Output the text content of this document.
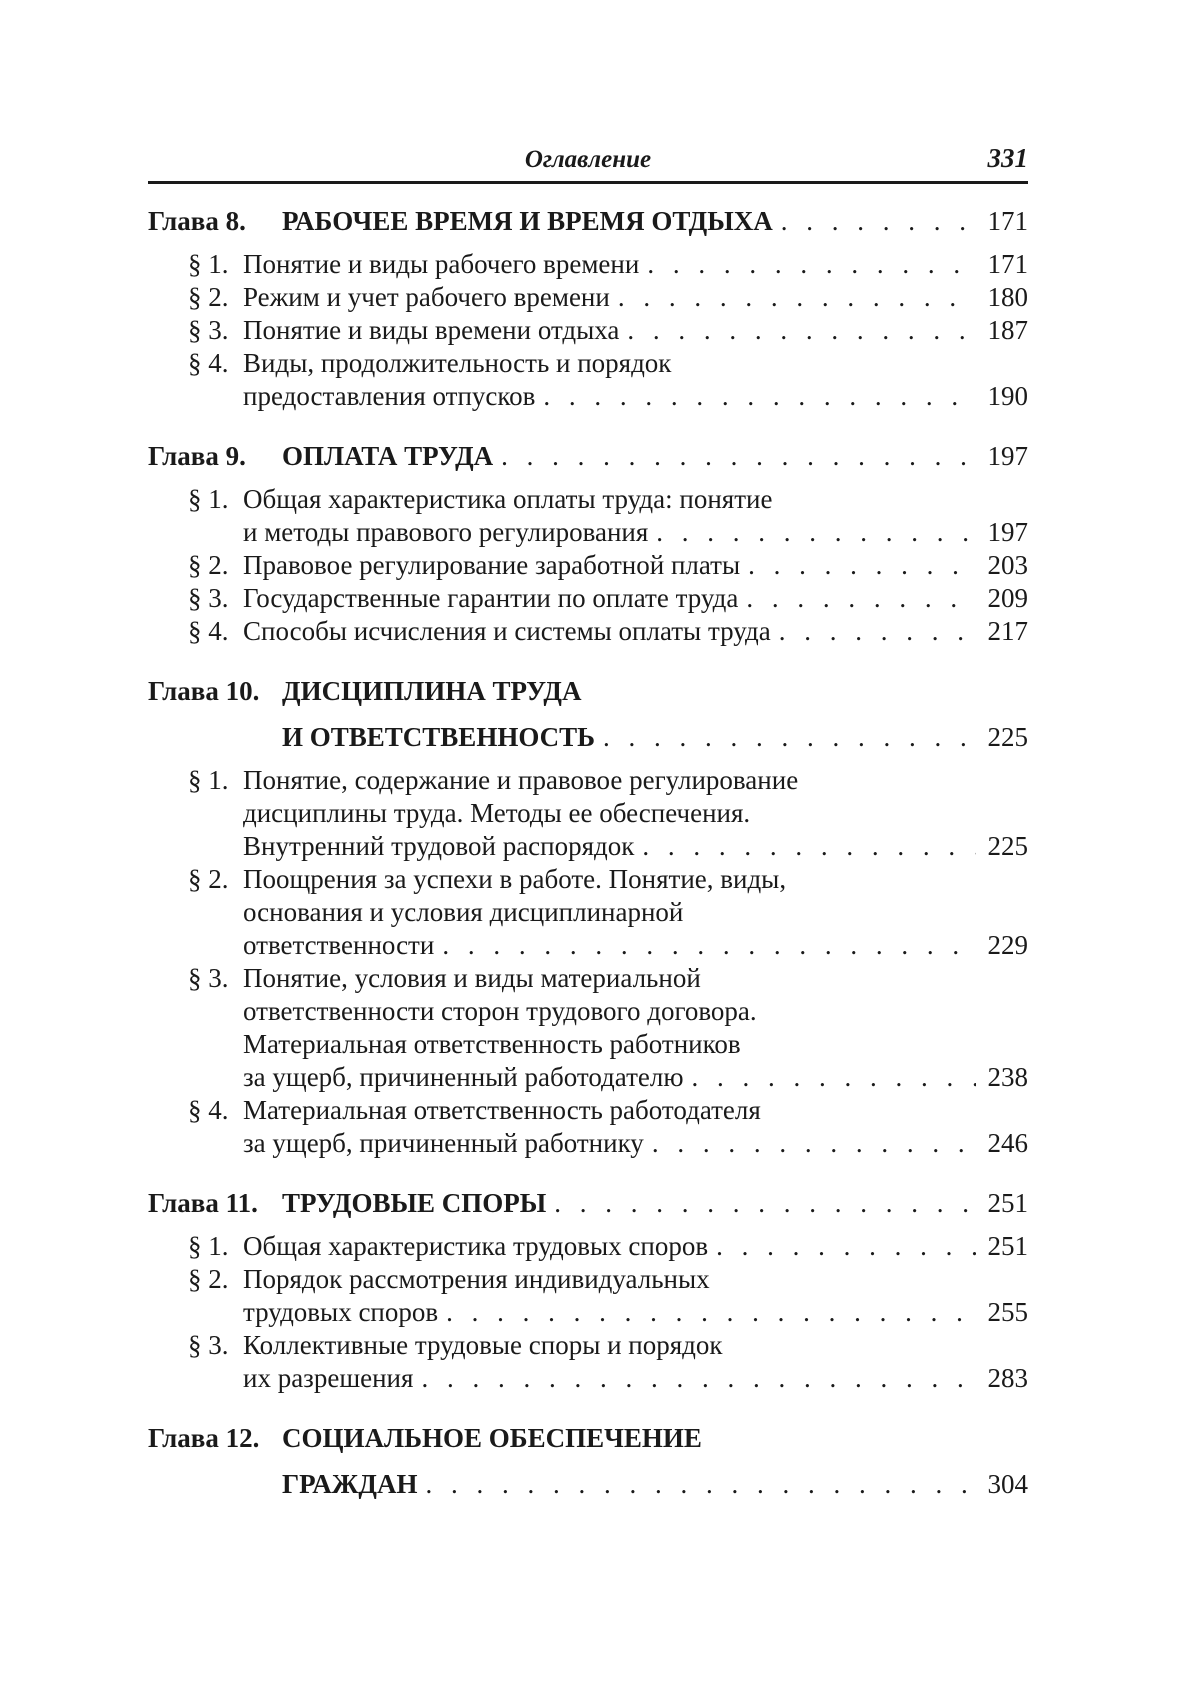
Оглавление	331
Глава 8.	РАБОЧЕЕ ВРЕМЯ И ВРЕМЯ ОТДЫХА . . .	171
§ 1. Понятие и виды рабочего времени . . .	171
§ 2. Режим и учет рабочего времени . . .	180
§ 3. Понятие и виды времени отдыха . . .	187
§ 4. Виды, продолжительность и порядок
предоставления отпусков . . .	190
Глава 9.	ОПЛАТА ТРУДА . . .	197
§ 1. Общая характеристика оплаты труда: понятие
и методы правового регулирования . . .	197
§ 2. Правовое регулирование заработной платы . . .	203
§ 3. Государственные гарантии по оплате труда . . .	209
§ 4. Способы исчисления и системы оплаты труда . . .	217
Глава 10. ДИСЦИПЛИНА ТРУДА
И ОТВЕТСТВЕННОСТЬ . . .	225
§ 1. Понятие, содержание и правовое регулирование
дисциплины труда. Методы ее обеспечения.
Внутренний трудовой распорядок . . .	225
§ 2. Поощрения за успехи в работе. Понятие, виды,
основания и условия дисциплинарной
ответственности . . .	229
§ 3. Понятие, условия и виды материальной
ответственности сторон трудового договора.
Материальная ответственность работников
за ущерб, причиненный работодателю . . .	238
§ 4. Материальная ответственность работодателя
за ущерб, причиненный работнику . . .	246
Глава 11. ТРУДОВЫЕ СПОРЫ . . .	251
§ 1. Общая характеристика трудовых споров . . .	251
§ 2. Порядок рассмотрения индивидуальных
трудовых споров . . .	255
§ 3. Коллективные трудовые споры и порядок
их разрешения . . .	283
Глава 12. СОЦИАЛЬНОЕ ОБЕСПЕЧЕНИЕ
ГРАЖДАН . . .	304
